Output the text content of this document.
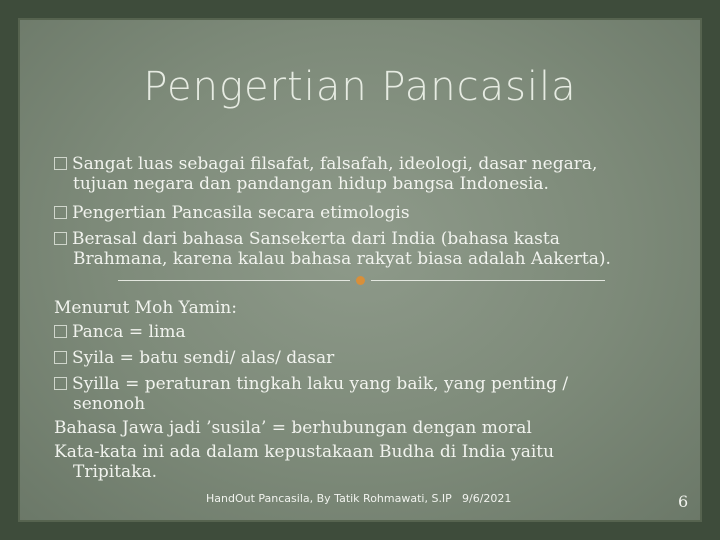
Pengertian Pancasila
Sangat luas sebagai filsafat, falsafah, ideologi, dasar negara,
tujuan negara dan pandangan hidup bangsa Indonesia.
Pengertian Pancasila secara etimologis
Berasal dari bahasa Sansekerta dari India (bahasa kasta
Brahmana, karena kalau bahasa rakyat biasa adalah Aakerta).
Menurut Moh Yamin:
Panca = lima
Syila = batu sendi/ alas/ dasar
Syilla = peraturan tingkah laku yang baik, yang penting /
senonoh
Bahasa Jawa jadi ’susila’ = berhubungan dengan moral
Kata-kata ini ada dalam kepustakaan Budha di India yaitu
Tripitaka.
HandOut Pancasila, By Tatik Rohmawati, S.IP 9/6/2021	6
